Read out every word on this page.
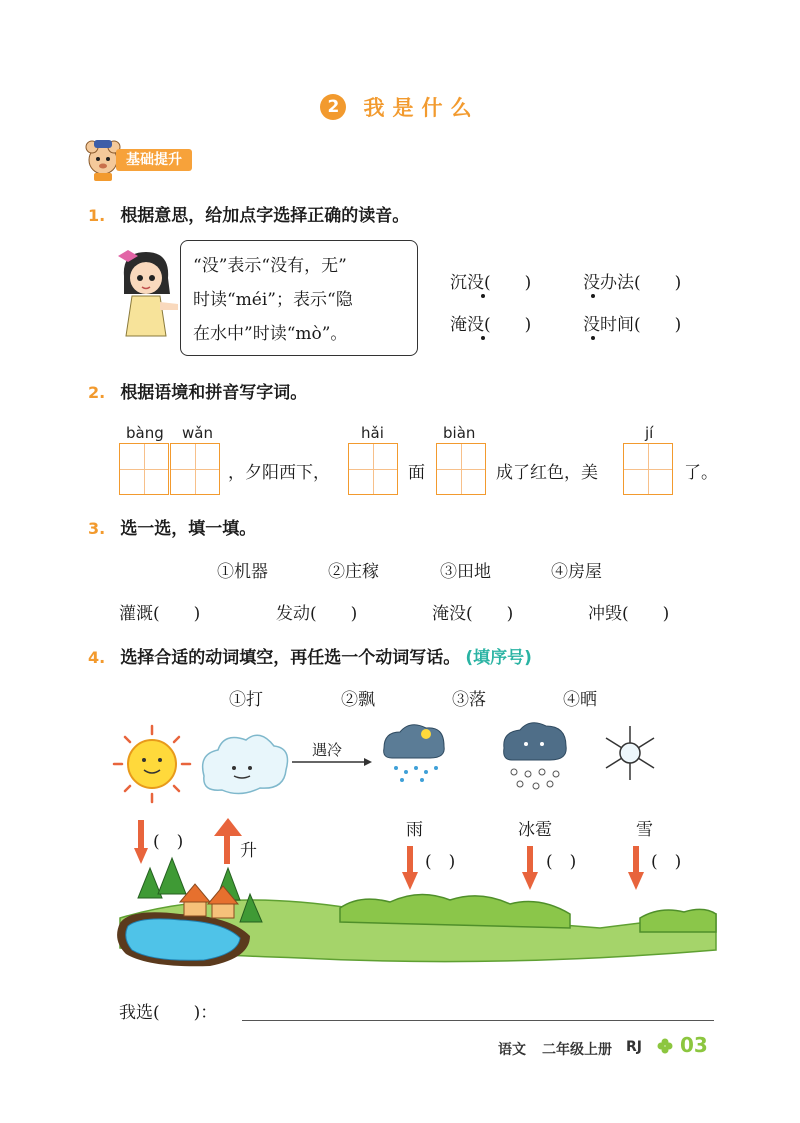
2 我是什么
基础提升
1. 根据意思，给加点字选择正确的读音。
“没”表示“没有，无”
时读“méi”；表示“隐
在水中”时读“mò”。
沉没(　　)	没办法(　　)
淹没(　　)	没时间(　　)
2. 根据语境和拼音写字词。
bàng wǎn	hǎi	biàn	jí
，夕阳西下，	面	成了红色，美	了。
3. 选一选，填一填。
①机器	②庄稼	③田地	④房屋
灌溉(　　)	发动(　　)	淹没(　　)	冲毁(　　)
4. 选择合适的动词填空，再任选一个动词写话。 (填序号)
①打	②飘	③落	④晒
遇冷
(　)	升
雨	冰雹	雪
(　)	(　)	(　)
我选(　　)：
语文 二年级上册 RJ 03
